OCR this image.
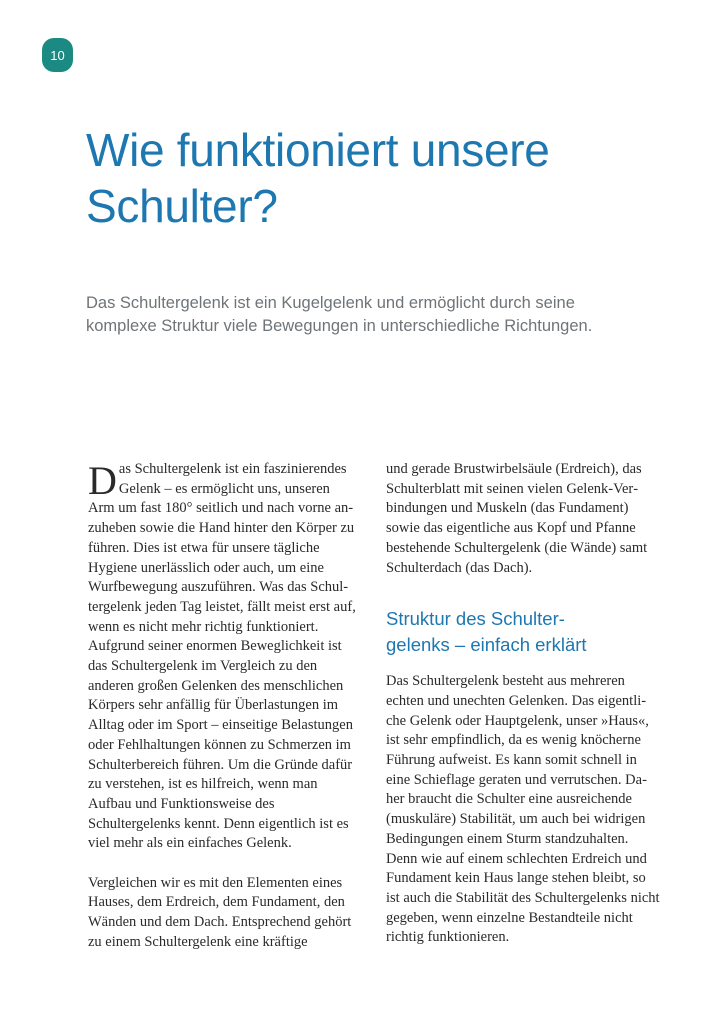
10
Wie funktioniert unsere Schulter?

Das Schultergelenk ist ein Kugelgelenk und ermöglicht durch seine komplexe Struktur viele Bewegungen in unterschiedliche Richtungen.

Das Schultergelenk ist ein faszinierendes Gelenk – es ermöglicht uns, unseren Arm um fast 180° seitlich und nach vorne anzuheben sowie die Hand hinter den Körper zu führen. Dies ist etwa für unsere tägliche Hygiene unerlässlich oder auch, um eine Wurfbewegung auszuführen. Was das Schultergelenk jeden Tag leistet, fällt meist erst auf, wenn es nicht mehr richtig funktioniert. Aufgrund seiner enormen Beweglichkeit ist das Schultergelenk im Vergleich zu den anderen großen Gelenken des menschlichen Körpers sehr anfällig für Überlastungen im Alltag oder im Sport – einseitige Belastungen oder Fehlhaltungen können zu Schmerzen im Schulterbereich führen. Um die Gründe dafür zu verstehen, ist es hilfreich, wenn man Aufbau und Funktionsweise des Schultergelenks kennt. Denn eigentlich ist es viel mehr als ein einfaches Gelenk.

Vergleichen wir es mit den Elementen eines Hauses, dem Erdreich, dem Fundament, den Wänden und dem Dach. Entsprechend gehört zu einem Schultergelenk eine kräftige

und gerade Brustwirbelsäule (Erdreich), das Schulterblatt mit seinen vielen Gelenk-Verbindungen und Muskeln (das Fundament) sowie das eigentliche aus Kopf und Pfanne bestehende Schultergelenk (die Wände) samt Schulterdach (das Dach).

Struktur des Schultergelenks – einfach erklärt

Das Schultergelenk besteht aus mehreren echten und unechten Gelenken. Das eigentliche Gelenk oder Hauptgelenk, unser »Haus«, ist sehr empfindlich, da es wenig knöcherne Führung aufweist. Es kann somit schnell in eine Schieflage geraten und verrutschen. Daher braucht die Schulter eine ausreichende (muskuläre) Stabilität, um auch bei widrigen Bedingungen einem Sturm standzuhalten. Denn wie auf einem schlechten Erdreich und Fundament kein Haus lange stehen bleibt, so ist auch die Stabilität des Schultergelenks nicht gegeben, wenn einzelne Bestandteile nicht richtig funktionieren.
